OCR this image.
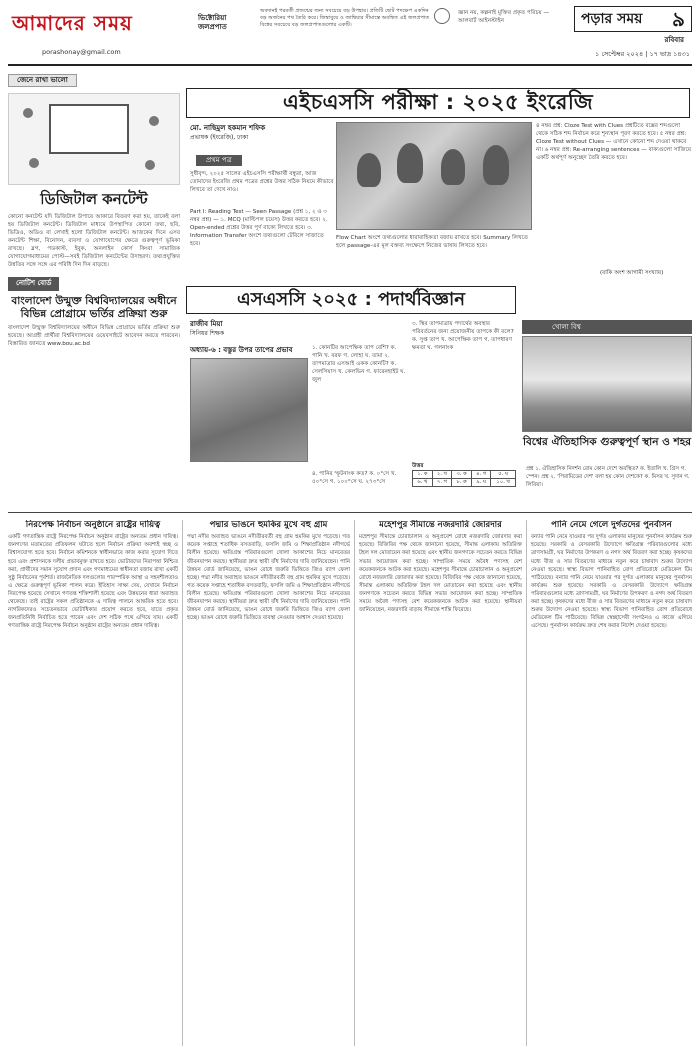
আমাদের সময়
porashonay@gmail.com
ভিক্টোরিয়া
জলপ্রপাত
অবদানই পরবর্তী প্রজন্মের জন্য সবচেয়ে বড় উপহার। প্রতিটি ছোট পদক্ষেপ একদিন বড় অর্জনের পথ তৈরি করে। জিম্বাবুয়ে ও জাম্বিয়ার সীমান্তে অবস্থিত এই জলপ্রপাত বিশ্বের সবচেয়ে বড় জলপ্রপাতগুলোর একটি।
জ্ঞান নয়, কল্পনাই মুক্তির প্রকৃত পরিচয় — আলবার্ট আইনস্টাইন	পড়ার সময় ৯
রবিবার
১ সেপ্টেম্বর ২০২৪ | ১৭ ভাদ্র ১৪৩১
জেনে রাখা ভালো
ডিজিটাল কনটেন্ট

কোনো কনটেন্ট যদি ডিজিটাল উপায়ে আকারে বিতরণ করা হয়, তাকেই বলা হয় ডিজিটাল কনটেন্ট। ডিজিটাল মাধ্যমে উপস্থাপিত কোনো তথ্য, ছবি, ভিডিও, অডিও বা লেখাই হলো ডিজিটাল কনটেন্ট। আজকের দিনে এসব কনটেন্ট শিক্ষা, বিনোদন, ব্যবসা ও যোগাযোগের ক্ষেত্রে গুরুত্বপূর্ণ ভূমিকা রাখছে। ব্লগ, পডকাস্ট, ইবুক, অনলাইন কোর্স কিংবা সামাজিক যোগাযোগমাধ্যমের পোস্ট—সবই ডিজিটাল কনটেন্টের উদাহরণ। তথ্যপ্রযুক্তির উন্নতির সঙ্গে সঙ্গে এর পরিধি দিন দিন বাড়ছে।

নোটিশ বোর্ড
বাংলাদেশ উন্মুক্ত বিশ্ববিদ্যালয়ের অধীনে বিভিন্ন প্রোগ্রামে ভর্তির প্রক্রিয়া শুরু

বাংলাদেশ উন্মুক্ত বিশ্ববিদ্যালয়ের অধীনে বিভিন্ন প্রোগ্রামে ভর্তির প্রক্রিয়া শুরু হয়েছে। আগ্রহী প্রার্থীরা বিশ্ববিদ্যালয়ের ওয়েবসাইটে আবেদন করতে পারবেন। বিস্তারিত জানতে www.bou.ac.bd

এইচএসসি পরীক্ষা : ২০২৫ ইংরেজি
মো. নাছিমুল হকমান শফিক
প্রভাষক (ইংরেজি), ঢাকা
প্রথম পত্র

সুধীবৃন্দ, ২০২৫ সালের এইচএসসি পরীক্ষার্থী বন্ধুরা, আজ তোমাদের ইংরেজি প্রথম পত্রের প্রশ্নের উত্তর সঠিক নিয়মে কীভাবে লিখবে তা দেখে নাও।

Part I: Reading Test — Seen Passage (প্রশ্ন ১, ২ ও ৩ নম্বর প্রশ্ন) — ১. MCQ (মাল্টিপল চয়েস) উত্তর করতে হবে। ২. Open-ended প্রশ্নের উত্তর পূর্ণ বাক্যে লিখতে হবে। ৩. Information Transfer অংশে তথ্যগুলো টেবিলে সাজাতে হবে।

৪ নম্বর প্রশ্ন: Cloze Test with Clues প্রশ্নটিতে বক্সের শব্দগুলো থেকে সঠিক শব্দ নির্বাচন করে শূন্যস্থান পূরণ করতে হবে। ৫ নম্বর প্রশ্ন: Cloze Test without Clues — এখানে কোনো শব্দ দেওয়া থাকবে না। ৬ নম্বর প্রশ্ন: Re-arranging sentences — বাক্যগুলো সাজিয়ে একটি অর্থপূর্ণ অনুচ্ছেদ তৈরি করতে হবে।

Flow Chart অংশে তথ্যগুলোর ধারাবাহিকতা বজায় রাখতে হবে। Summary লিখতে হলে passage-এর মূল বক্তব্য সংক্ষেপে নিজের ভাষায় লিখতে হবে।

(বাকি অংশ আগামী সংখ্যায়)
এসএসসি ২০২৫ : পদার্থবিজ্ঞান
রাজীব মিয়া
সিনিয়র শিক্ষক
অধ্যায়-৬ : বস্তুর উপর তাপের প্রভাব	১. কোনটির আপেক্ষিক তাপ বেশি? ক. পানি খ. বরফ গ. লোহা ঘ. তামা ২. তাপমাত্রার এসআই একক কোনটি? ক. সেলসিয়াস খ. কেলভিন গ. ফারেনহাইট ঘ. জুল

৩. স্থির তাপমাত্রায় পদার্থের অবস্থার পরিবর্তনের জন্য প্রয়োজনীয় তাপকে কী বলে? ক. সুপ্ত তাপ খ. আপেক্ষিক তাপ গ. তাপধারণ ক্ষমতা ঘ. গলনাংক

৪. পানির স্ফুটনাংক কত? ক. ০°সে খ. ৫০°সে গ. ১০০°সে ঘ. ২৭৩°সে

উত্তর
১. ক	২. খ	৩. ক	৪. গ	৫. ঘ
৬. খ	৭. গ	৮. ক	৯. ঘ	১০. খ
খোলা বিশ্ব
বিশ্বের ঐতিহাসিক গুরুত্বপূর্ণ স্থান ও শহর

প্রশ্ন ১. ঐতিহাসিক নিদর্শন রোম কোন দেশে অবস্থিত? ক. ইতালি খ. গ্রিস গ. স্পেন। প্রশ্ন ২. 'পিরামিডের দেশ' বলা হয় কোন দেশকে? ক. মিসর খ. সুদান গ. লিবিয়া।

নিরপেক্ষ নির্বাচন অনুষ্ঠানে রাষ্ট্রের দায়িত্ব

একটি গণতান্ত্রিক রাষ্ট্রে নিরপেক্ষ নির্বাচন অনুষ্ঠান রাষ্ট্রের অন্যতম প্রধান দায়িত্ব। জনগণের মতামতের প্রতিফলন ঘটাতে হলে নির্বাচন প্রক্রিয়া অবশ্যই স্বচ্ছ ও বিশ্বাসযোগ্য হতে হবে। নির্বাচন কমিশনকে স্বাধীনভাবে কাজ করার সুযোগ দিতে হবে এবং প্রশাসনকে দলীয় প্রভাবমুক্ত রাখতে হবে। ভোটারদের নিরাপত্তা নিশ্চিত করা, প্রার্থীদের সমান সুযোগ প্রদান এবং গণমাধ্যমের স্বাধীনতা বজায় রাখা একটি সুষ্ঠু নির্বাচনের পূর্বশর্ত। রাজনৈতিক দলগুলোর পারস্পরিক আস্থা ও সহনশীলতাও এ ক্ষেত্রে গুরুত্বপূর্ণ ভূমিকা পালন করে। ইতিহাস সাক্ষ্য দেয়, যেখানে নির্বাচন নিরপেক্ষ হয়েছে সেখানে গণতন্ত্র শক্তিশালী হয়েছে এবং উন্নয়নের ধারা অব্যাহত থেকেছে। তাই রাষ্ট্রের সকল প্রতিষ্ঠানকে এ দায়িত্ব পালনে আন্তরিক হতে হবে। নাগরিকদেরও সচেতনভাবে ভোটাধিকার প্রয়োগ করতে হবে, যাতে প্রকৃত জনপ্রতিনিধি নির্বাচিত হতে পারেন এবং দেশ সঠিক পথে এগিয়ে যায়। একটি গণতান্ত্রিক রাষ্ট্রে নিরপেক্ষ নির্বাচন অনুষ্ঠান রাষ্ট্রের অন্যতম প্রধান দায়িত্ব।

পদ্মার ভাঙনে হুমকির মুখে বহু গ্রাম

পদ্মা নদীর অব্যাহত ভাঙনে নদীতীরবর্তী বহু গ্রাম হুমকির মুখে পড়েছে। গত কয়েক সপ্তাহে শতাধিক বসতবাড়ি, ফসলি জমি ও শিক্ষাপ্রতিষ্ঠান নদীগর্ভে বিলীন হয়েছে। ক্ষতিগ্রস্ত পরিবারগুলো খোলা আকাশের নিচে মানবেতর জীবনযাপন করছে। স্থানীয়রা দ্রুত স্থায়ী বাঁধ নির্মাণের দাবি জানিয়েছেন। পানি উন্নয়ন বোর্ড জানিয়েছে, ভাঙন রোধে জরুরি ভিত্তিতে জিও ব্যাগ ফেলা হচ্ছে। পদ্মা নদীর অব্যাহত ভাঙনে নদীতীরবর্তী বহু গ্রাম হুমকির মুখে পড়েছে। গত কয়েক সপ্তাহে শতাধিক বসতবাড়ি, ফসলি জমি ও শিক্ষাপ্রতিষ্ঠান নদীগর্ভে বিলীন হয়েছে। ক্ষতিগ্রস্ত পরিবারগুলো খোলা আকাশের নিচে মানবেতর জীবনযাপন করছে। স্থানীয়রা দ্রুত স্থায়ী বাঁধ নির্মাণের দাবি জানিয়েছেন। পানি উন্নয়ন বোর্ড জানিয়েছে, ভাঙন রোধে জরুরি ভিত্তিতে জিও ব্যাগ ফেলা হচ্ছে। ভাঙন রোধে জরুরি ভিত্তিতে ব্যবস্থা নেওয়ার আশ্বাস দেওয়া হয়েছে।

মহেশপুর সীমান্তে নজরদারি জোরদার

মহেশপুর সীমান্তে চোরাচালান ও অনুপ্রবেশ রোধে নজরদারি জোরদার করা হয়েছে। বিজিবির পক্ষ থেকে জানানো হয়েছে, সীমান্ত এলাকায় অতিরিক্ত টহল দল মোতায়েন করা হয়েছে এবং স্থানীয় জনগণকে সচেতন করতে বিভিন্ন সভার আয়োজন করা হচ্ছে। সাম্প্রতিক সময়ে অবৈধ পণ্যসহ বেশ কয়েকজনকে আটক করা হয়েছে। মহেশপুর সীমান্তে চোরাচালান ও অনুপ্রবেশ রোধে নজরদারি জোরদার করা হয়েছে। বিজিবির পক্ষ থেকে জানানো হয়েছে, সীমান্ত এলাকায় অতিরিক্ত টহল দল মোতায়েন করা হয়েছে এবং স্থানীয় জনগণকে সচেতন করতে বিভিন্ন সভার আয়োজন করা হচ্ছে। সাম্প্রতিক সময়ে অবৈধ পণ্যসহ বেশ কয়েকজনকে আটক করা হয়েছে। স্থানীয়রা জানিয়েছেন, নজরদারি বাড়ায় সীমান্তে শান্তি ফিরেছে।

পানি নেমে গেলে দুর্গতদের পুনর্বাসন

বন্যার পানি নেমে যাওয়ার পর দুর্গত এলাকার মানুষের পুনর্বাসন কার্যক্রম শুরু হয়েছে। সরকারি ও বেসরকারি উদ্যোগে ক্ষতিগ্রস্ত পরিবারগুলোর মধ্যে ত্রাণসামগ্রী, ঘর নির্মাণের উপকরণ ও নগদ অর্থ বিতরণ করা হচ্ছে। কৃষকদের মধ্যে বীজ ও সার বিতরণের মাধ্যমে নতুন করে চাষাবাদ শুরুর উদ্যোগ নেওয়া হয়েছে। স্বাস্থ্য বিভাগ পানিবাহিত রোগ প্রতিরোধে মেডিকেল টিম পাঠিয়েছে। বন্যার পানি নেমে যাওয়ার পর দুর্গত এলাকার মানুষের পুনর্বাসন কার্যক্রম শুরু হয়েছে। সরকারি ও বেসরকারি উদ্যোগে ক্ষতিগ্রস্ত পরিবারগুলোর মধ্যে ত্রাণসামগ্রী, ঘর নির্মাণের উপকরণ ও নগদ অর্থ বিতরণ করা হচ্ছে। কৃষকদের মধ্যে বীজ ও সার বিতরণের মাধ্যমে নতুন করে চাষাবাদ শুরুর উদ্যোগ নেওয়া হয়েছে। স্বাস্থ্য বিভাগ পানিবাহিত রোগ প্রতিরোধে মেডিকেল টিম পাঠিয়েছে। বিভিন্ন স্বেচ্ছাসেবী সংগঠনও এ কাজে এগিয়ে এসেছে। পুনর্বাসন কার্যক্রম দ্রুত শেষ করার নির্দেশ দেওয়া হয়েছে।
